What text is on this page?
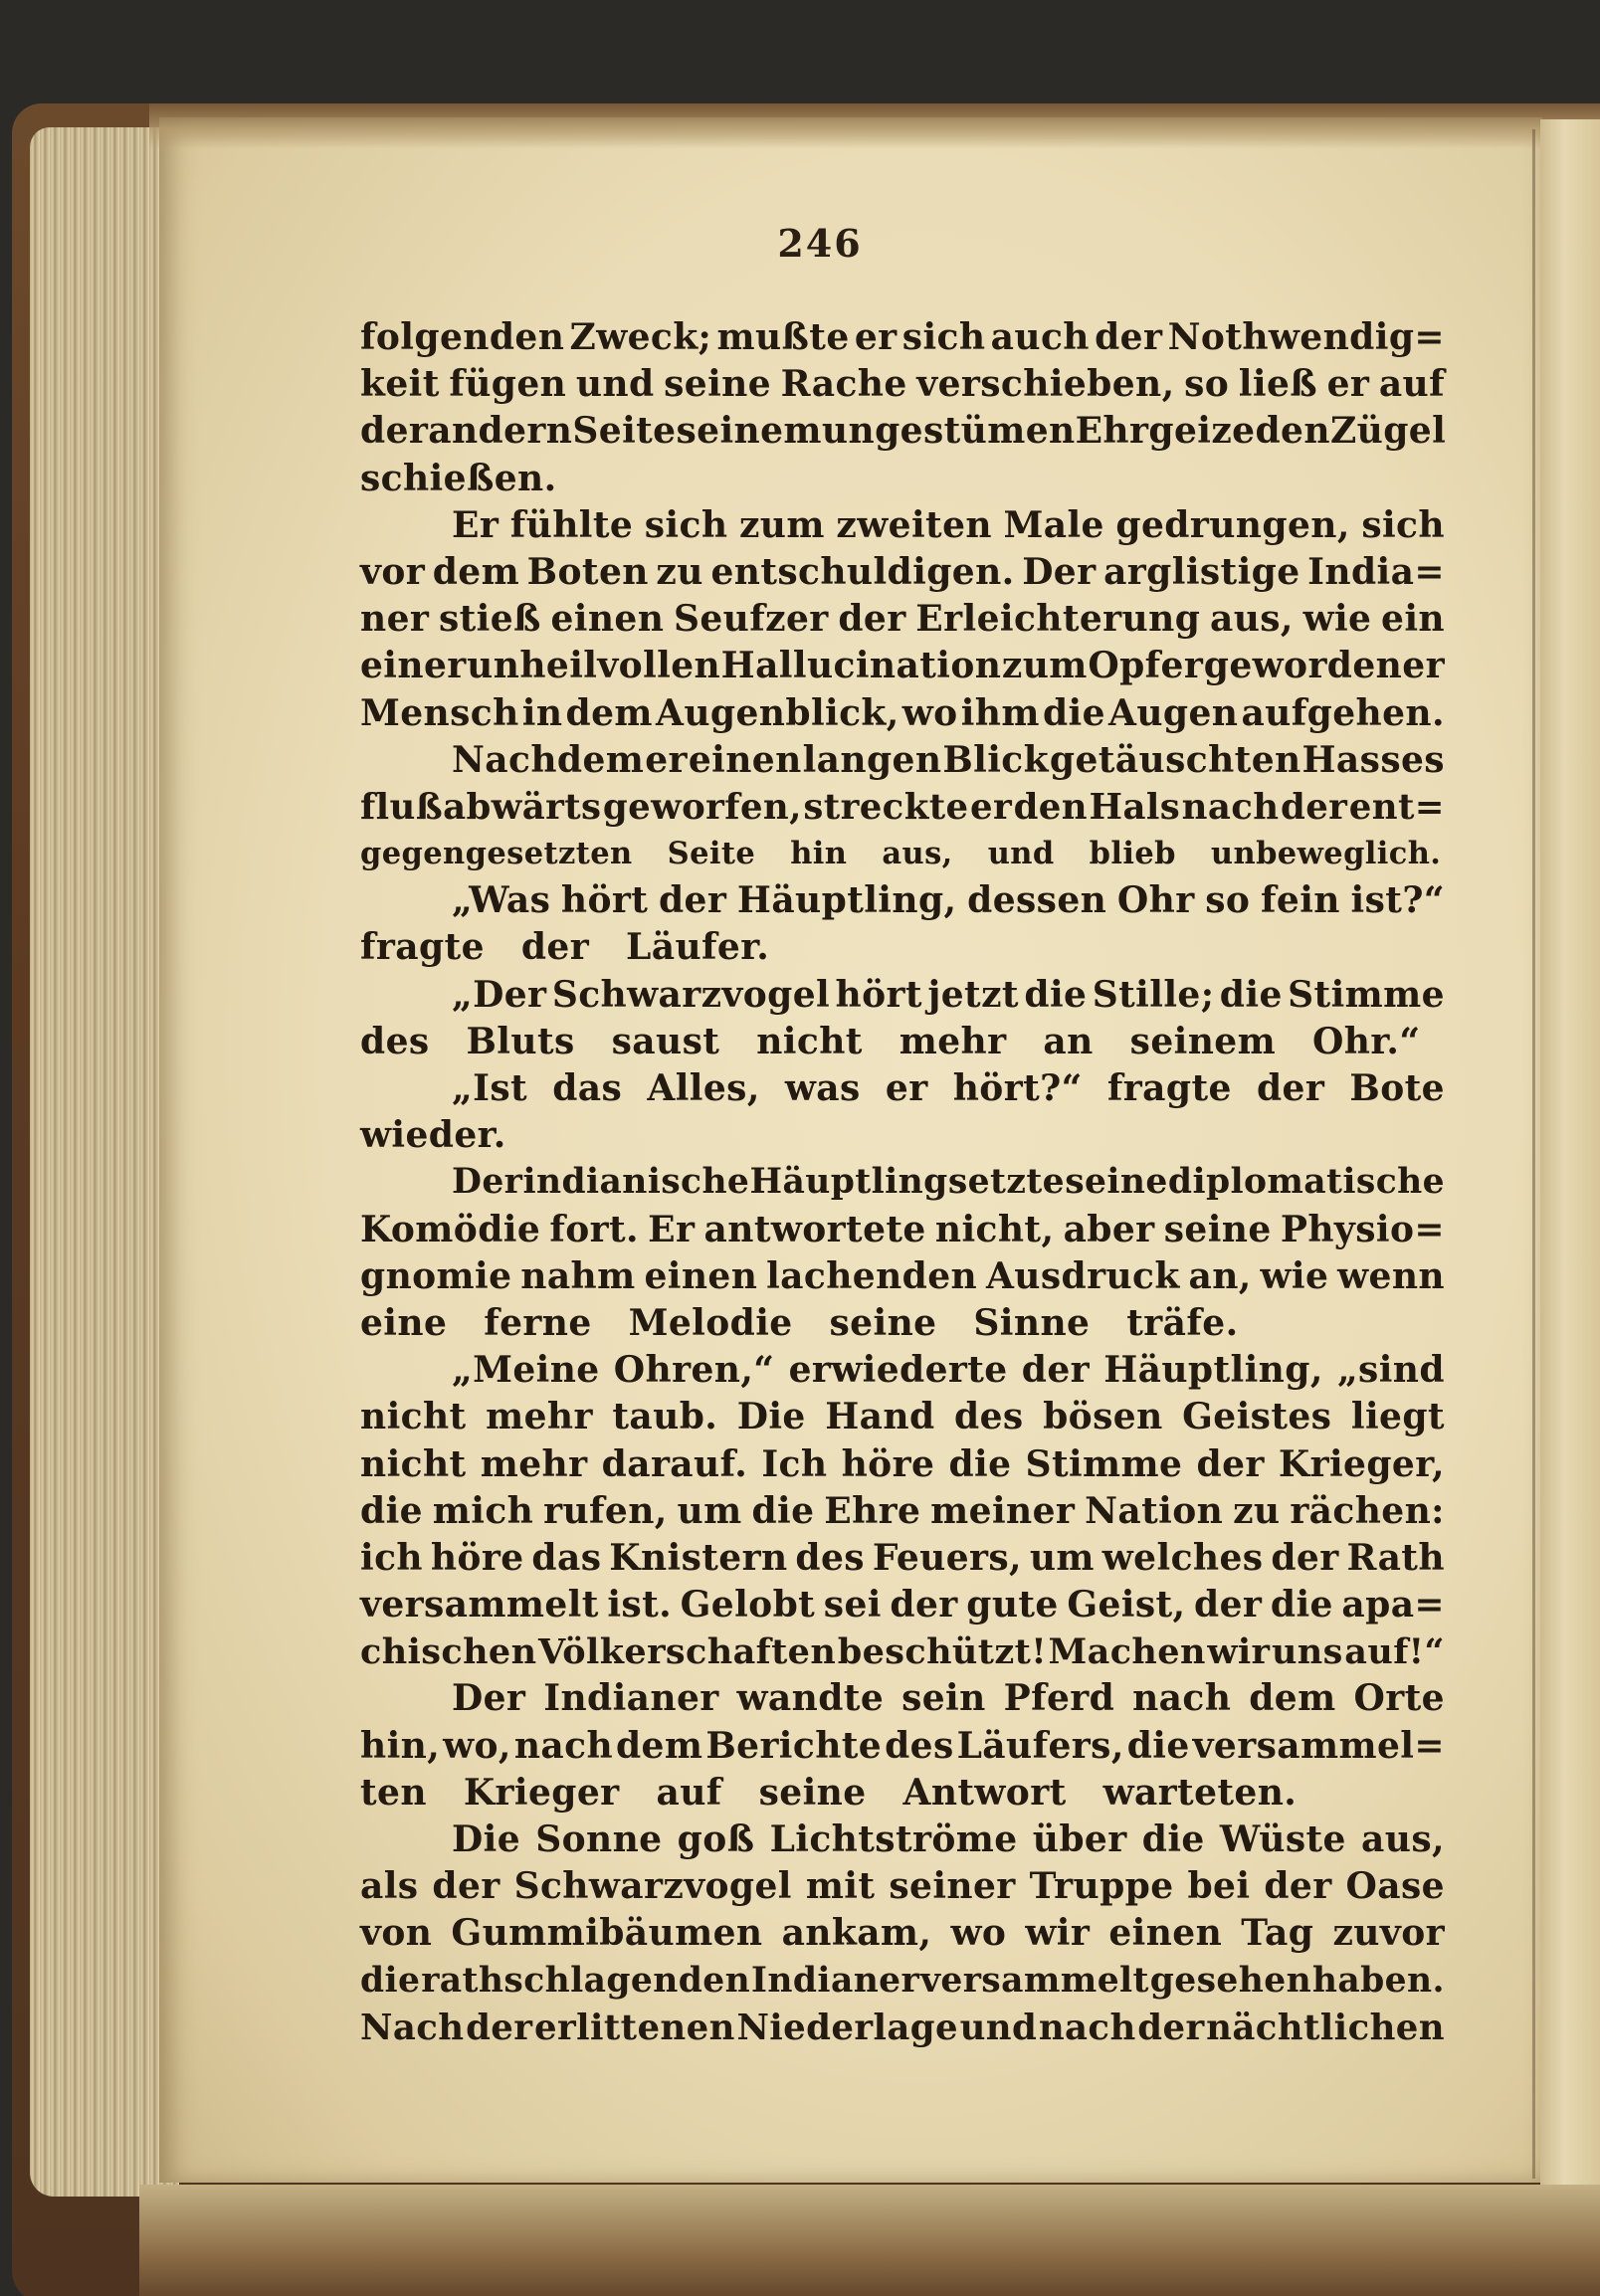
246
folgenden Zweck; mußte er sich auch der Nothwendig=
keit fügen und seine Rache verschieben, so ließ er auf
der andern Seite seinem ungestümen Ehrgeize den Zügel
schießen.
Er fühlte sich zum zweiten Male gedrungen, sich
vor dem Boten zu entschuldigen. Der arglistige India=
ner stieß einen Seufzer der Erleichterung aus, wie ein
einer unheilvollen Hallucination zum Opfer gewordener
Mensch in dem Augenblick, wo ihm die Augen aufgehen.
Nachdem er einen langen Blick getäuschten Hasses
flußabwärts geworfen, streckte er den Hals nach der ent=
gegengesetzten
Seite
hin
aus,
und
blieb
unbeweglich.
„Was hört der Häuptling, dessen Ohr so fein ist?“
fragte
der
Läufer.
„Der Schwarzvogel hört jetzt die Stille; die Stimme
des
Bluts
saust
nicht
mehr
an
seinem
Ohr.“
„Ist das Alles, was er hört?“ fragte der Bote
wieder.
Der indianische Häuptling setzte seine diplomatische
Komödie fort. Er antwortete nicht, aber seine Physio=
gnomie nahm einen lachenden Ausdruck an, wie wenn
eine
ferne
Melodie
seine
Sinne
träfe.
„Meine Ohren,“ erwiederte der Häuptling, „sind
nicht mehr taub. Die Hand des bösen Geistes liegt
nicht mehr darauf. Ich höre die Stimme der Krieger,
die mich rufen, um die Ehre meiner Nation zu rächen:
ich höre das Knistern des Feuers, um welches der Rath
versammelt ist. Gelobt sei der gute Geist, der die apa=
chischen Völkerschaften beschützt! Machen wir uns auf!“
Der Indianer wandte sein Pferd nach dem Orte
hin, wo, nach dem Berichte des Läufers, die versammel=
ten
Krieger
auf
seine
Antwort
warteten.
Die Sonne goß Lichtströme über die Wüste aus,
als der Schwarzvogel mit seiner Truppe bei der Oase
von Gummibäumen ankam, wo wir einen Tag zuvor
die rathschlagenden Indianer versammelt gesehen haben.
Nach der erlittenen Niederlage und nach der nächtlichen
